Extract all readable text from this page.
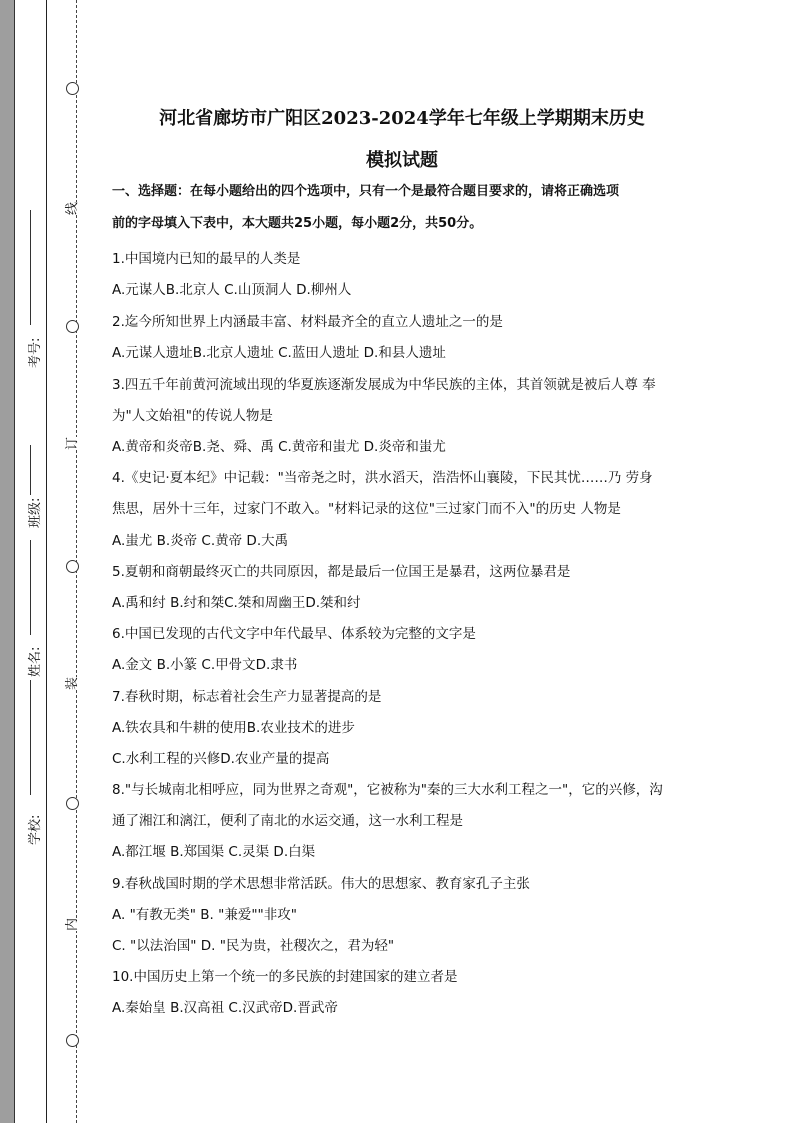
考号:
班级:
姓名:
学校:
线
订
装
内
河北省廊坊市广阳区2023-2024学年七年级上学期期末历史
模拟试题
一、选择题：在每小题给出的四个选项中，只有一个是最符合题目要求的，请将正确选项
前的字母填入下表中，本大题共25小题，每小题2分，共50分。
1.中国境内已知的最早的人类是
A.元谋人B.北京人 C.山顶洞人 D.柳州人
2.迄今所知世界上内涵最丰富、材料最齐全的直立人遗址之一的是
A.元谋人遗址B.北京人遗址 C.蓝田人遗址 D.和县人遗址
3.四五千年前黄河流域出现的华夏族逐渐发展成为中华民族的主体，其首领就是被后人尊 奉
为"人文始祖"的传说人物是
A.黄帝和炎帝B.尧、舜、禹 C.黄帝和蚩尤 D.炎帝和蚩尤
4.《史记·夏本纪》中记载："当帝尧之时，洪水滔天，浩浩怀山襄陵，下民其忧……乃 劳身
焦思，居外十三年，过家门不敢入。"材料记录的这位"三过家门而不入"的历史 人物是
A.蚩尤 B.炎帝 C.黄帝 D.大禹
5.夏朝和商朝最终灭亡的共同原因，都是最后一位国王是暴君，这两位暴君是
A.禹和纣 B.纣和桀C.桀和周幽王D.桀和纣
6.中国已发现的古代文字中年代最早、体系较为完整的文字是
A.金文 B.小篆 C.甲骨文D.隶书
7.春秋时期，标志着社会生产力显著提高的是
A.铁农具和牛耕的使用B.农业技术的进步
C.水利工程的兴修D.农业产量的提高
8."与长城南北相呼应，同为世界之奇观"，它被称为"秦的三大水利工程之一"，它的兴修，沟
通了湘江和漓江，便利了南北的水运交通，这一水利工程是
A.都江堰 B.郑国渠 C.灵渠 D.白渠
9.春秋战国时期的学术思想非常活跃。伟大的思想家、教育家孔子主张
A. "有教无类" B. "兼爱""非攻"
C. "以法治国" D. "民为贵，社稷次之，君为轻"
10.中国历史上第一个统一的多民族的封建国家的建立者是
A.秦始皇 B.汉高祖 C.汉武帝D.晋武帝
